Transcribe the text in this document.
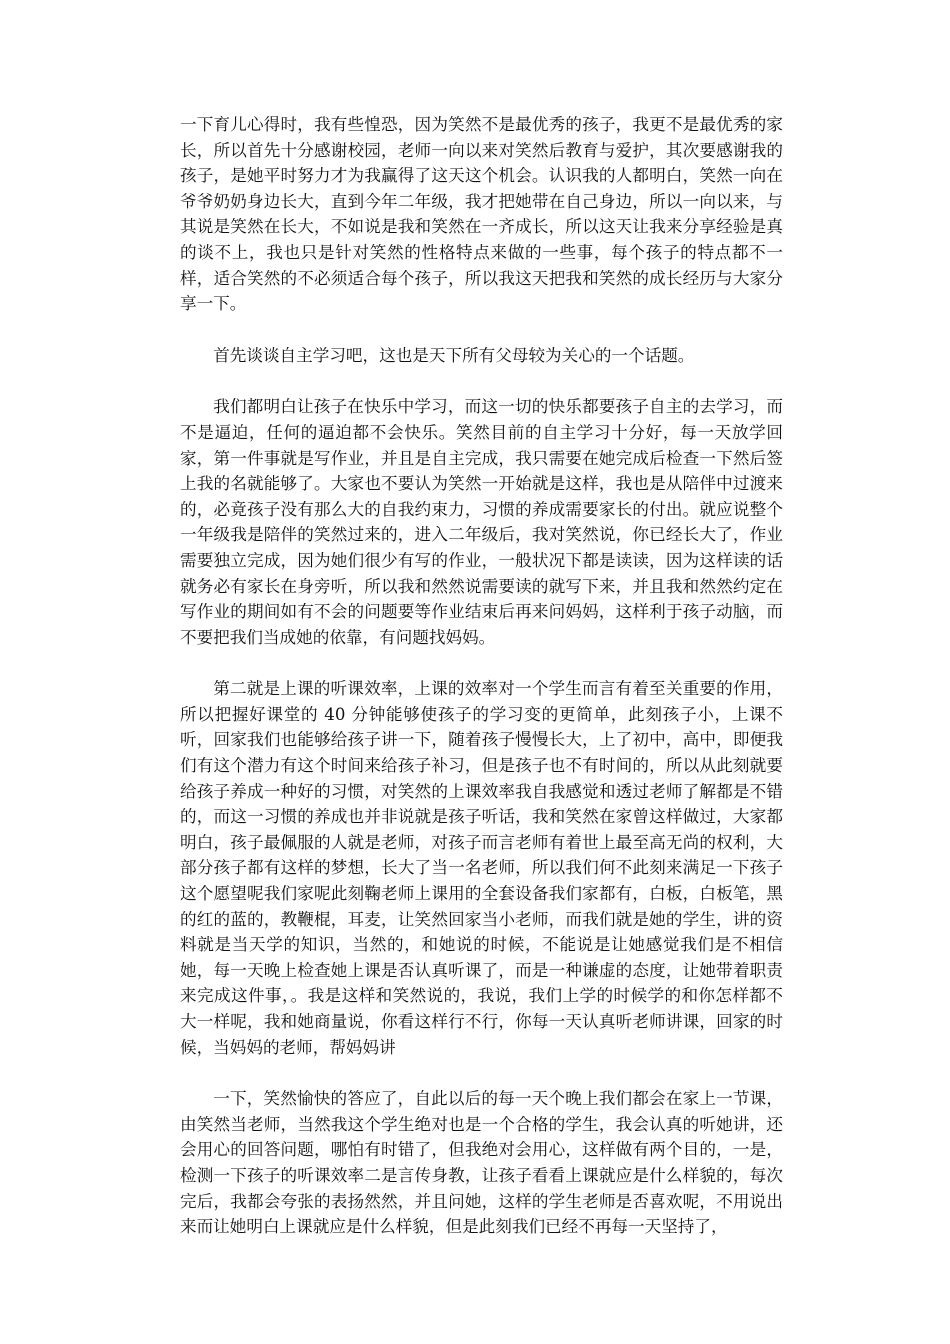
一下育儿心得时，我有些惶恐，因为笑然不是最优秀的孩子，我更不是最优秀的家长，所以首先十分感谢校园，老师一向以来对笑然后教育与爱护，其次要感谢我的孩子，是她平时努力才为我赢得了这天这个机会。认识我的人都明白，笑然一向在爷爷奶奶身边长大，直到今年二年级，我才把她带在自己身边，所以一向以来，与其说是笑然在长大，不如说是我和笑然在一齐成长，所以这天让我来分享经验是真的谈不上，我也只是针对笑然的性格特点来做的一些事，每个孩子的特点都不一样，适合笑然的不必须适合每个孩子，所以我这天把我和笑然的成长经历与大家分享一下。

首先谈谈自主学习吧，这也是天下所有父母较为关心的一个话题。

我们都明白让孩子在快乐中学习，而这一切的快乐都要孩子自主的去学习，而不是逼迫，任何的逼迫都不会快乐。笑然目前的自主学习十分好，每一天放学回家，第一件事就是写作业，并且是自主完成，我只需要在她完成后检查一下然后签上我的名就能够了。大家也不要认为笑然一开始就是这样，我也是从陪伴中过渡来的，必竟孩子没有那么大的自我约束力，习惯的养成需要家长的付出。就应说整个一年级我是陪伴的笑然过来的，进入二年级后，我对笑然说，你已经长大了，作业需要独立完成，因为她们很少有写的作业，一般状况下都是读读，因为这样读的话就务必有家长在身旁听，所以我和然然说需要读的就写下来，并且我和然然约定在写作业的期间如有不会的问题要等作业结束后再来问妈妈，这样利于孩子动脑，而不要把我们当成她的依靠，有问题找妈妈。

第二就是上课的听课效率，上课的效率对一个学生而言有着至关重要的作用，所以把握好课堂的 40 分钟能够使孩子的学习变的更简单，此刻孩子小，上课不听，回家我们也能够给孩子讲一下，随着孩子慢慢长大，上了初中，高中，即便我们有这个潜力有这个时间来给孩子补习，但是孩子也不有时间的，所以从此刻就要给孩子养成一种好的习惯，对笑然的上课效率我自我感觉和透过老师了解都是不错的，而这一习惯的养成也并非说就是孩子听话，我和笑然在家曾这样做过，大家都明白，孩子最佩服的人就是老师，对孩子而言老师有着世上最至高无尚的权利，大部分孩子都有这样的梦想，长大了当一名老师，所以我们何不此刻来满足一下孩子这个愿望呢我们家呢此刻鞠老师上课用的全套设备我们家都有，白板，白板笔，黑的红的蓝的，教鞭棍，耳麦，让笑然回家当小老师，而我们就是她的学生，讲的资料就是当天学的知识，当然的，和她说的时候，不能说是让她感觉我们是不相信她，每一天晚上检查她上课是否认真听课了，而是一种谦虚的态度，让她带着职责来完成这件事，。我是这样和笑然说的，我说，我们上学的时候学的和你怎样都不大一样呢，我和她商量说，你看这样行不行，你每一天认真听老师讲课，回家的时候，当妈妈的老师，帮妈妈讲

一下，笑然愉快的答应了，自此以后的每一天个晚上我们都会在家上一节课，由笑然当老师，当然我这个学生绝对也是一个合格的学生，我会认真的听她讲，还会用心的回答问题，哪怕有时错了，但我绝对会用心，这样做有两个目的，一是，检测一下孩子的听课效率二是言传身教，让孩子看看上课就应是什么样貌的，每次完后，我都会夸张的表扬然然，并且问她，这样的学生老师是否喜欢呢，不用说出来而让她明白上课就应是什么样貌，但是此刻我们已经不再每一天坚持了，
